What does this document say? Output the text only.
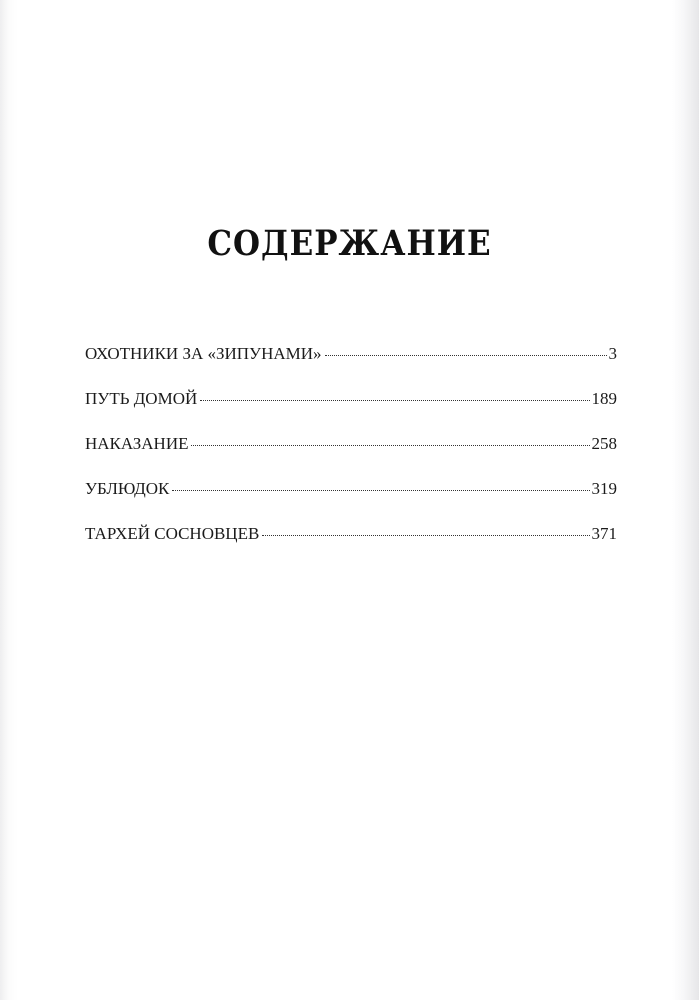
СОДЕРЖАНИЕ
ОХОТНИКИ ЗА «ЗИПУНАМИ»	3
ПУТЬ ДОМОЙ	189
НАКАЗАНИЕ	258
УБЛЮДОК	319
ТАРХЕЙ СОСНОВЦЕВ	371
